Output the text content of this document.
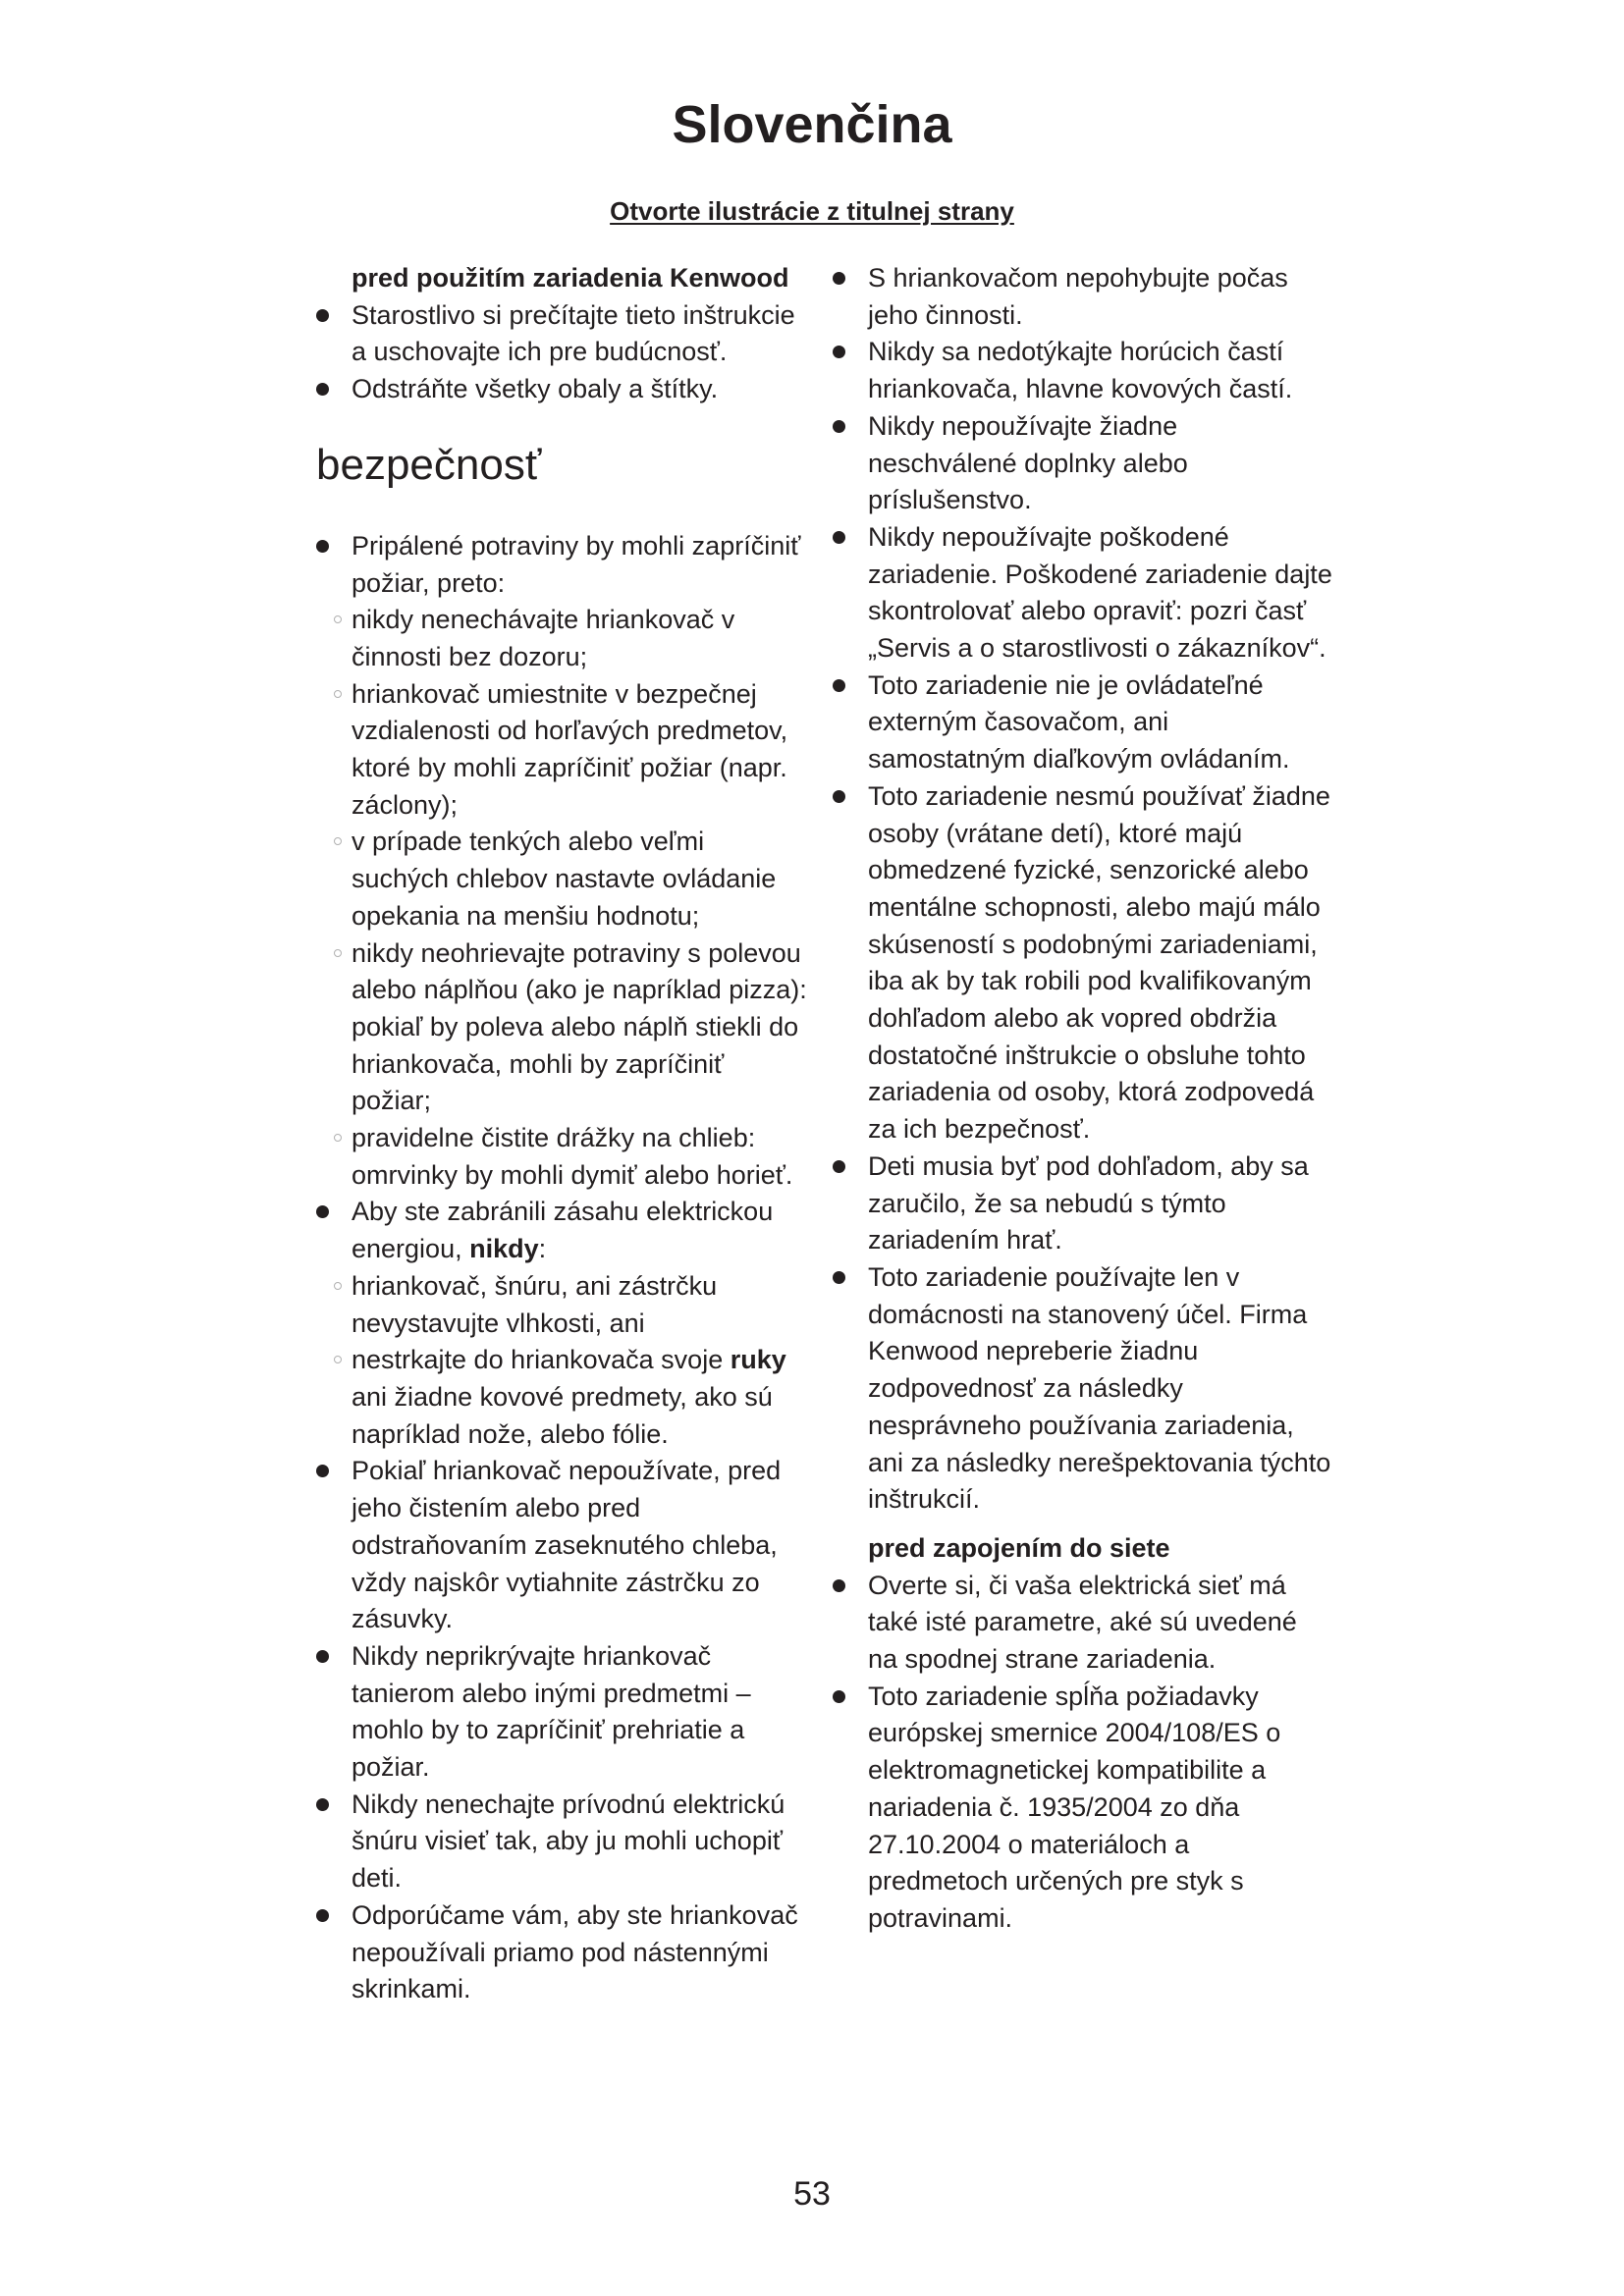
Slovenčina
Otvorte ilustrácie z titulnej strany
pred použitím zariadenia Kenwood
Starostlivo si prečítajte tieto inštrukcie a uschovajte ich pre budúcnosť.
Odstráňte všetky obaly a štítky.
bezpečnosť
Pripálené potraviny by mohli zapríčiniť požiar, preto:
nikdy nenechávajte hriankovač v činnosti bez dozoru;
hriankovač umiestnite v bezpečnej vzdialenosti od horľavých predmetov, ktoré by mohli zapríčiniť požiar (napr. záclony);
v prípade tenkých alebo veľmi suchých chlebov nastavte ovládanie opekania na menšiu hodnotu;
nikdy neohrievajte potraviny s polevou alebo náplňou (ako je napríklad pizza): pokiaľ by poleva alebo náplň stiekli do hriankovača, mohli by zapríčiniť požiar;
pravidelne čistite drážky na chlieb: omrvinky by mohli dymiť alebo horieť.
Aby ste zabránili zásahu elektrickou energiou, nikdy:
hriankovač, šnúru, ani zástrčku nevystavujte vlhkosti, ani
nestrkajte do hriankovača svoje ruky ani žiadne kovové predmety, ako sú napríklad nože, alebo fólie.
Pokiaľ hriankovač nepoužívate, pred jeho čistením alebo pred odstraňovaním zaseknutého chleba, vždy najskôr vytiahnite zástrčku zo zásuvky.
Nikdy neprikrývajte hriankovač tanierom alebo inými predmetmi – mohlo by to zapríčiniť prehriatie a požiar.
Nikdy nenechajte prívodnú elektrickú šnúru visieť tak, aby ju mohli uchopiť deti.
Odporúčame vám, aby ste hriankovač nepoužívali priamo pod nástennými skrinkami.
S hriankovačom nepohybujte počas jeho činnosti.
Nikdy sa nedotýkajte horúcich častí hriankovača, hlavne kovových častí.
Nikdy nepoužívajte žiadne neschválené doplnky alebo príslušenstvo.
Nikdy nepoužívajte poškodené zariadenie. Poškodené zariadenie dajte skontrolovať alebo opraviť: pozri časť „Servis a o starostlivosti o zákazníkov“.
Toto zariadenie nie je ovládateľné externým časovačom, ani samostatným diaľkovým ovládaním.
Toto zariadenie nesmú používať žiadne osoby (vrátane detí), ktoré majú obmedzené fyzické, senzorické alebo mentálne schopnosti, alebo majú málo skúseností s podobnými zariadeniami, iba ak by tak robili pod kvalifikovaným dohľadom alebo ak vopred obdržia dostatočné inštrukcie o obsluhe tohto zariadenia od osoby, ktorá zodpovedá za ich bezpečnosť.
Deti musia byť pod dohľadom, aby sa zaručilo, že sa nebudú s týmto zariadením hrať.
Toto zariadenie používajte len v domácnosti na stanovený účel. Firma Kenwood nepreberie žiadnu zodpovednosť za následky nesprávneho používania zariadenia, ani za následky nerešpektovania týchto inštrukcií.
pred zapojením do siete
Overte si, či vaša elektrická sieť má také isté parametre, aké sú uvedené na spodnej strane zariadenia.
Toto zariadenie spĺňa požiadavky európskej smernice 2004/108/ES o elektromagnetickej kompatibilite a nariadenia č. 1935/2004 zo dňa 27.10.2004 o materiáloch a predmetoch určených pre styk s potravinami.
53
